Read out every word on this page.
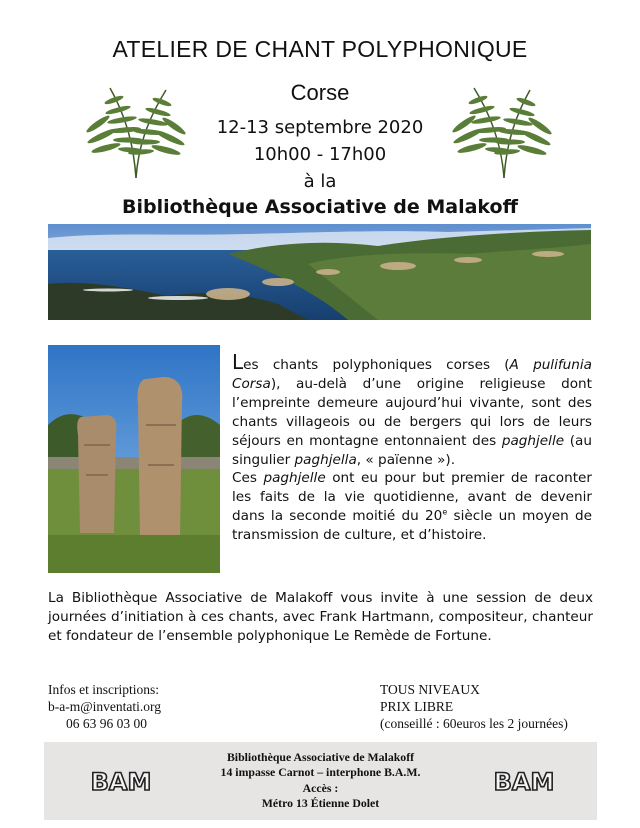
ATELIER DE CHANT POLYPHONIQUE
Corse
12-13 septembre 2020
10h00 - 17h00
à la
Bibliothèque Associative de Malakoff
Les chants polyphoniques corses (A pulifunia Corsa), au-delà d’une origine religieuse dont l’empreinte demeure aujourd’hui vivante, sont des chants villageois ou de bergers qui lors de leurs séjours en montagne entonnaient des paghjelle (au singulier paghjella, « païenne »).
Ces paghjelle ont eu pour but premier de raconter les faits de la vie quotidienne, avant de devenir dans la seconde moitié du 20e siècle un moyen de transmission de culture, et d’histoire.
La Bibliothèque Associative de Malakoff vous invite à une session de deux journées d’initiation à ces chants, avec Frank Hartmann, compositeur, chanteur et fondateur de l’ensemble polyphonique Le Remède de Fortune.
Infos et inscriptions:
b-a-m@inventati.org
06 63 96 03 00
TOUS NIVEAUX
PRIX LIBRE
(conseillé : 60euros les 2 journées)
BAM
Bibliothèque Associative de Malakoff
14 impasse Carnot – interphone B.A.M.
Accès :
Métro 13 Étienne Dolet
BAM
